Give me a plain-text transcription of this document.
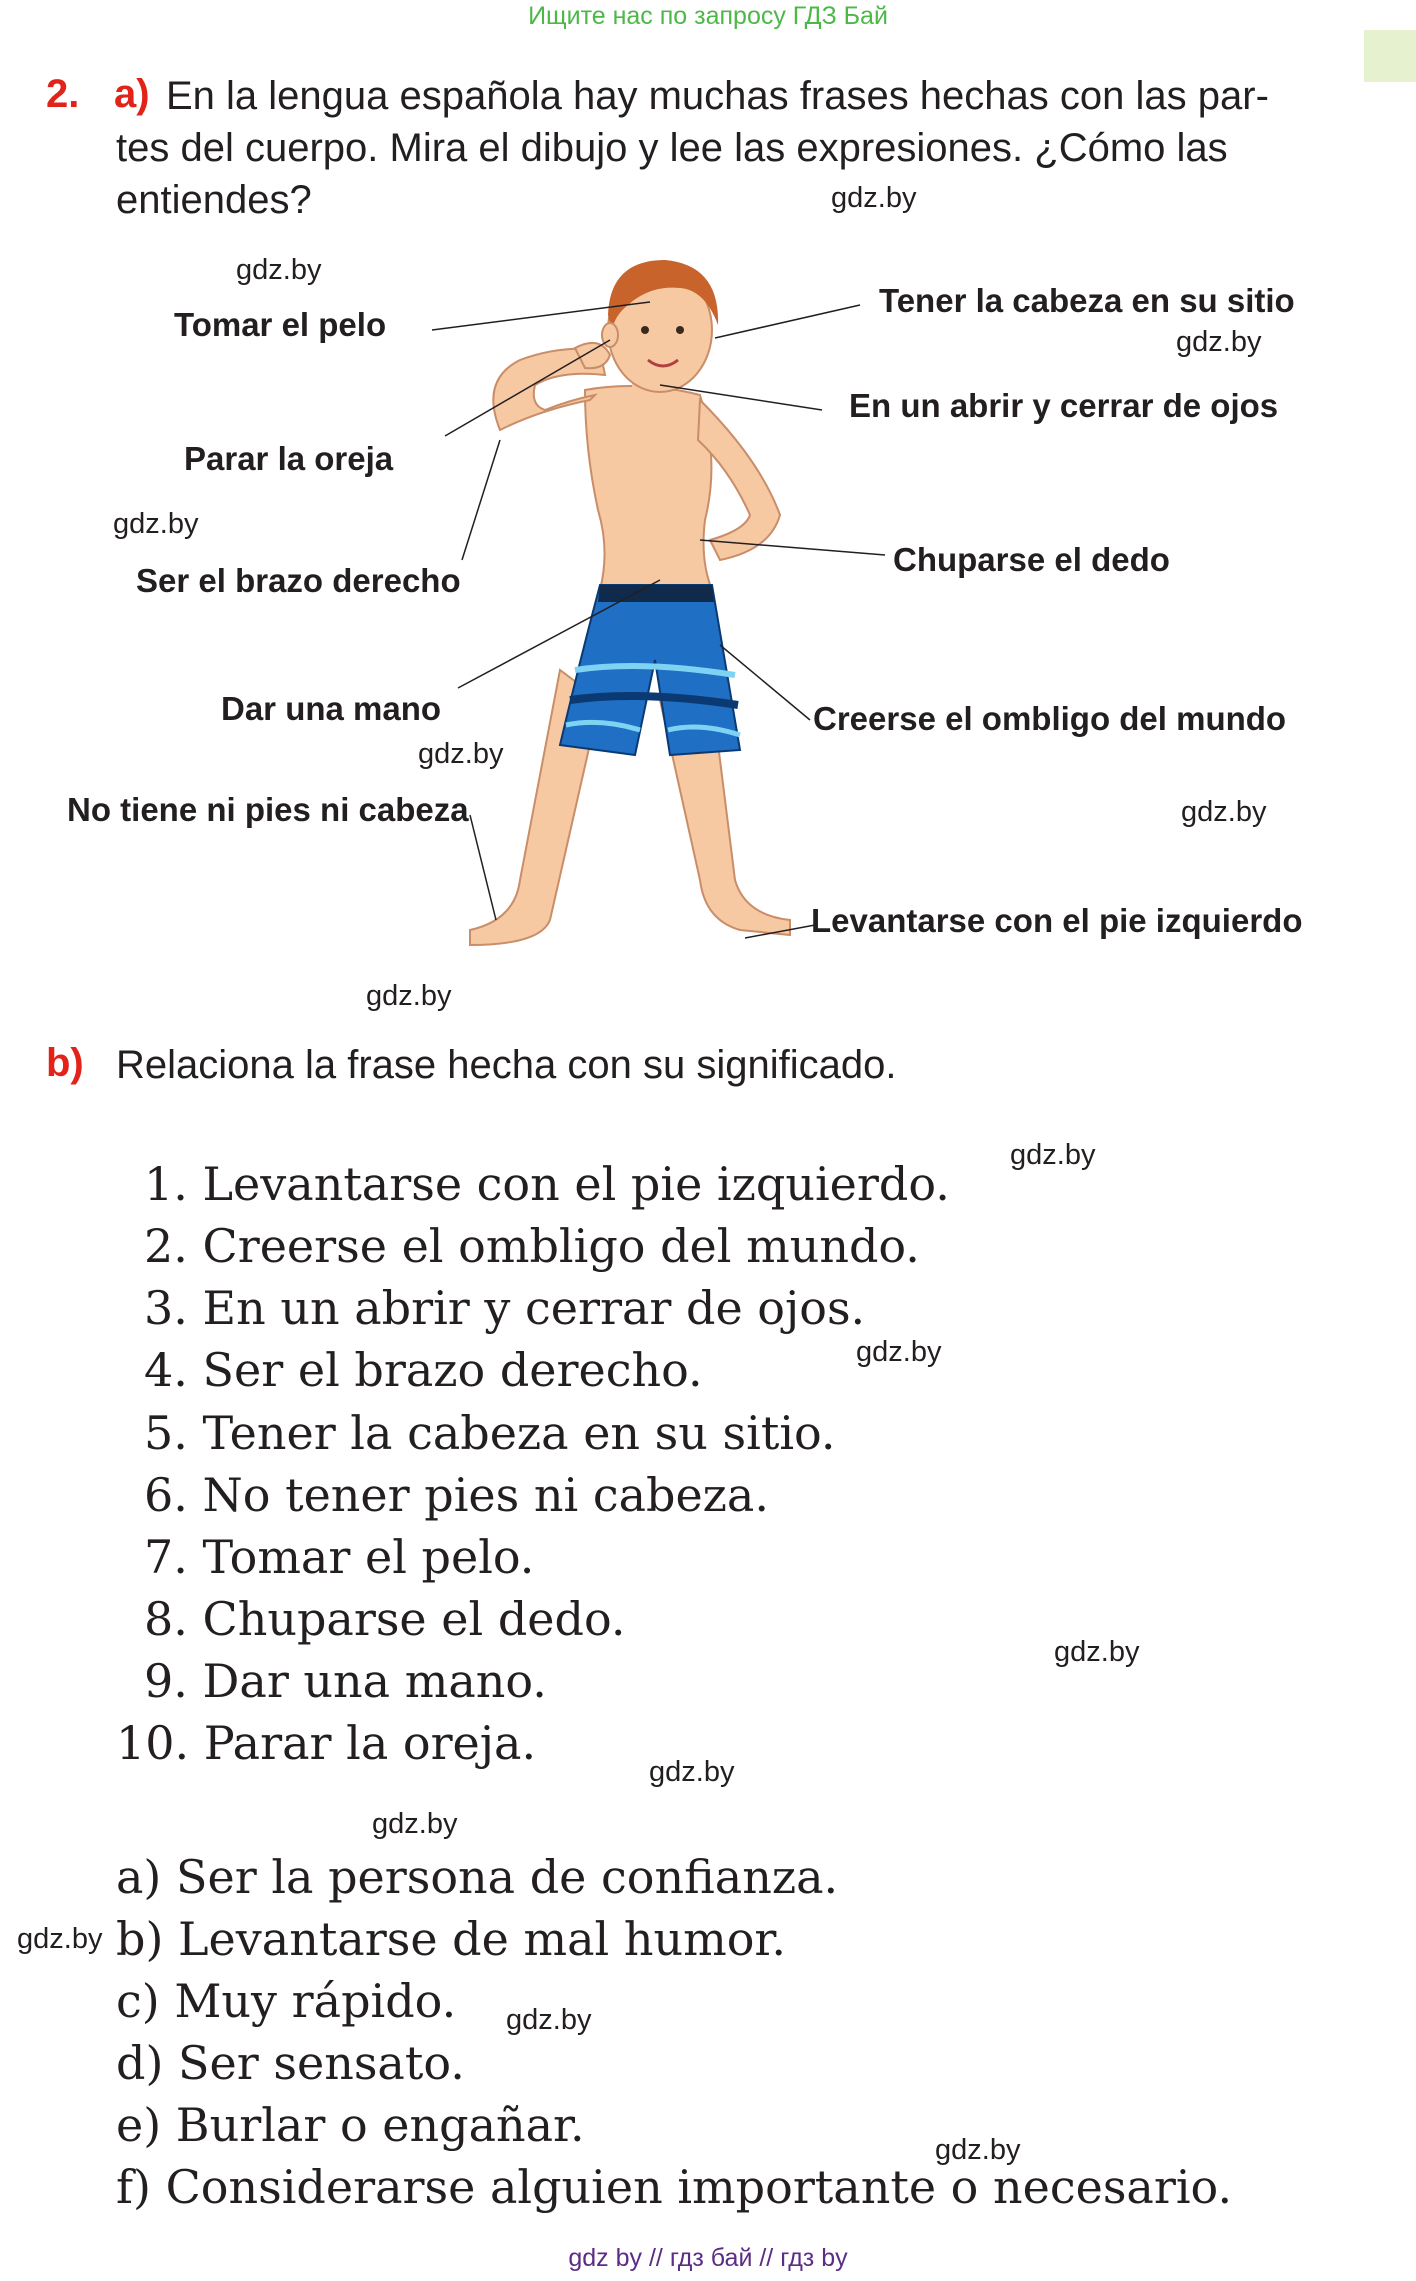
Ищите нас по запросу ГДЗ Бай
2. a) En la lengua española hay muchas frases hechas con las par-
tes del cuerpo. Mira el dibujo y lee las expresiones. ¿Cómo las
entiendes?
Tomar el pelo
Parar la oreja
Ser el brazo derecho
Dar una mano
No tiene ni pies ni cabeza
Tener la cabeza en su sitio
En un abrir y cerrar de ojos
Chuparse el dedo
Creerse el ombligo del mundo
Levantarse con el pie izquierdo
gdz.by
gdz.by
gdz.by
gdz.by
gdz.by
gdz.by
gdz.by
gdz.by
gdz.by
gdz.by
gdz.by
gdz.by
gdz.by
gdz.by
gdz.by
b) Relaciona la frase hecha con su significado.
1. Levantarse con el pie izquierdo.
2. Creerse el ombligo del mundo.
3. En un abrir y cerrar de ojos.
4. Ser el brazo derecho.
5. Tener la cabeza en su sitio.
6. No tener pies ni cabeza.
7. Tomar el pelo.
8. Chuparse el dedo.
9. Dar una mano.
10. Parar la oreja.
a) Ser la persona de confianza.
b) Levantarse de mal humor.
c) Muy rápido.
d) Ser sensato.
e) Burlar o engañar.
f) Considerarse alguien importante o necesario.
gdz by // гдз бай // гдз by
